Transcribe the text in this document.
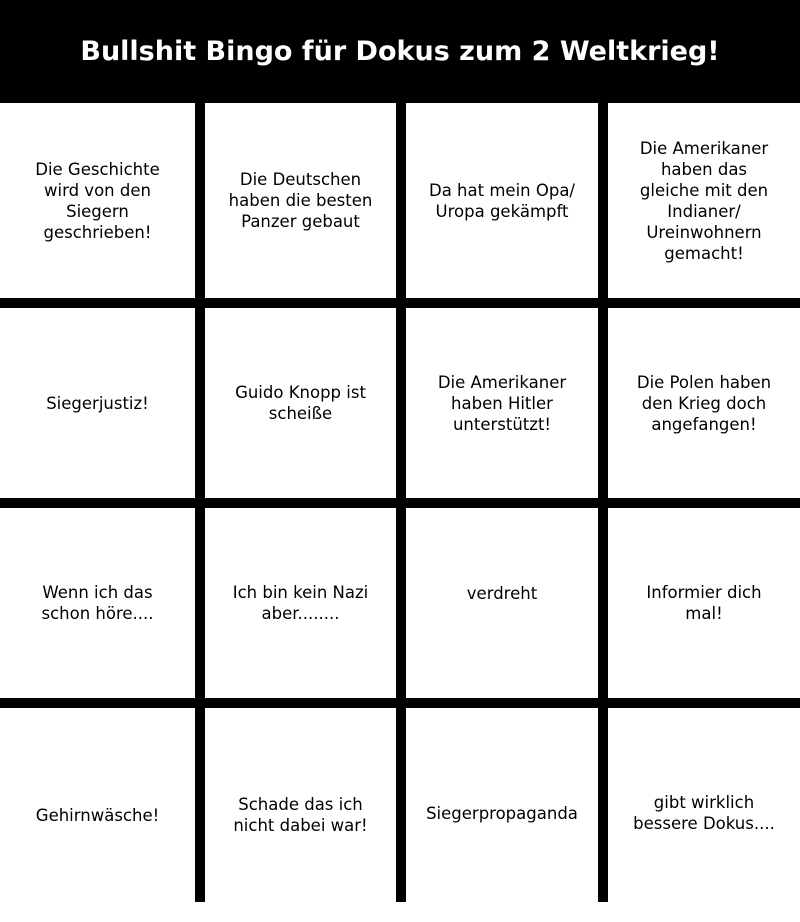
Bullshit Bingo für Dokus zum 2 Weltkrieg!
Die Geschichte
wird von den
Siegern
geschrieben!
Die Deutschen
haben die besten
Panzer gebaut
Da hat mein Opa/
Uropa gekämpft
Die Amerikaner
haben das
gleiche mit den
Indianer/
Ureinwohnern
gemacht!
Siegerjustiz!
Guido Knopp ist
scheiße
Die Amerikaner
haben Hitler
unterstützt!
Die Polen haben
den Krieg doch
angefangen!
Wenn ich das
schon höre....
Ich bin kein Nazi
aber........
verdreht	Informier dich
mal!
Gehirnwäsche!
Schade das ich
nicht dabei war!
Siegerpropaganda
gibt wirklich
bessere Dokus....
